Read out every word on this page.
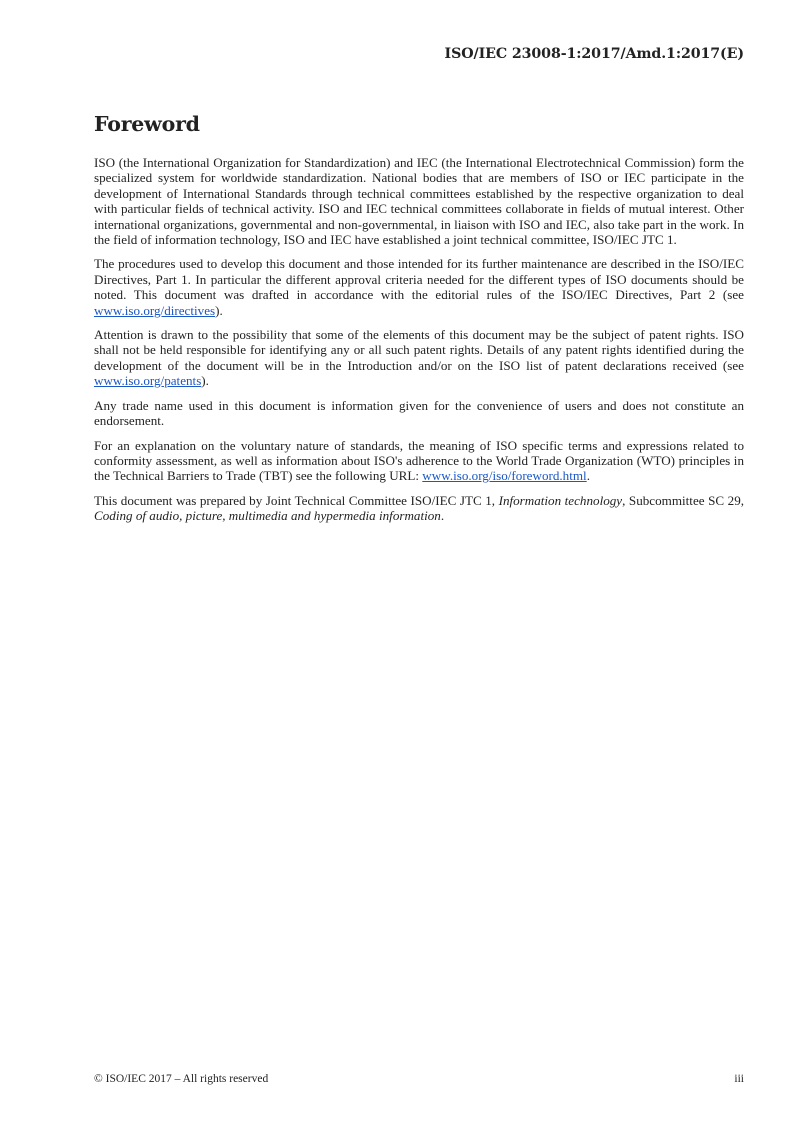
ISO/IEC 23008-1:2017/Amd.1:2017(E)
Foreword

ISO (the International Organization for Standardization) and IEC (the International Electrotechnical Commission) form the specialized system for worldwide standardization. National bodies that are members of ISO or IEC participate in the development of International Standards through technical committees established by the respective organization to deal with particular fields of technical activity. ISO and IEC technical committees collaborate in fields of mutual interest. Other international organizations, governmental and non-governmental, in liaison with ISO and IEC, also take part in the work. In the field of information technology, ISO and IEC have established a joint technical committee, ISO/IEC JTC 1.

The procedures used to develop this document and those intended for its further maintenance are described in the ISO/IEC Directives, Part 1. In particular the different approval criteria needed for the different types of ISO documents should be noted. This document was drafted in accordance with the editorial rules of the ISO/IEC Directives, Part 2 (see www.iso.org/directives).

Attention is drawn to the possibility that some of the elements of this document may be the subject of patent rights. ISO shall not be held responsible for identifying any or all such patent rights. Details of any patent rights identified during the development of the document will be in the Introduction and/or on the ISO list of patent declarations received (see www.iso.org/patents).

Any trade name used in this document is information given for the convenience of users and does not constitute an endorsement.

For an explanation on the voluntary nature of standards, the meaning of ISO specific terms and expressions related to conformity assessment, as well as information about ISO's adherence to the World Trade Organization (WTO) principles in the Technical Barriers to Trade (TBT) see the following URL: www.iso.org/iso/foreword.html.

This document was prepared by Joint Technical Committee ISO/IEC JTC 1, Information technology, Subcommittee SC 29, Coding of audio, picture, multimedia and hypermedia information.

© ISO/IEC 2017 – All rights reserved	iii
